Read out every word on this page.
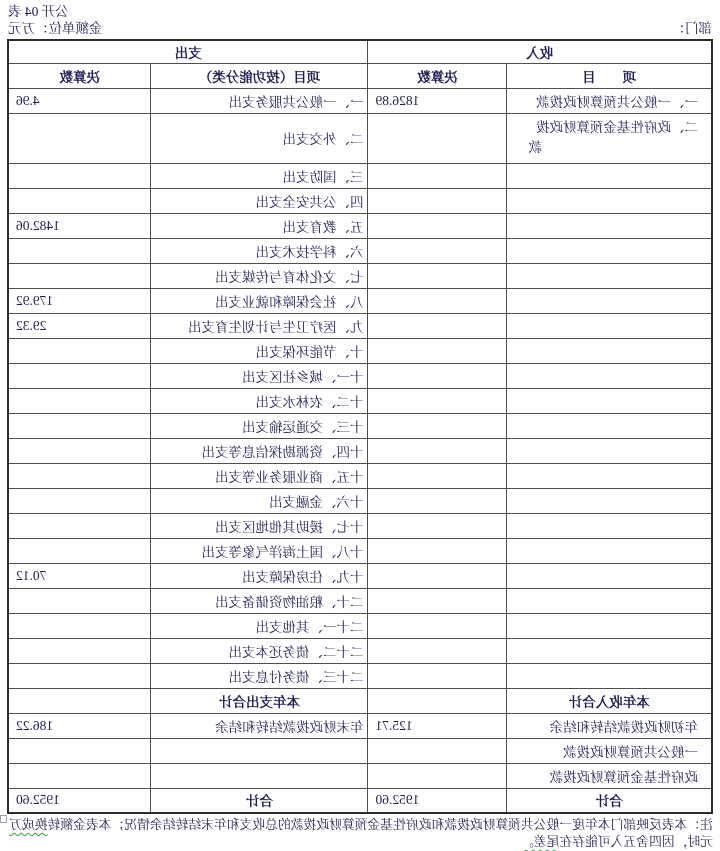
部门：
公开 04 表
金额单位：万元
收入		支出	
项　　目	决算数	项目（按功能分类）	决算数
一、一般公共预算财政拨款	1826.89	一、一般公共服务支出	4.96
二、政府性基金预算财政拨款		二、外交支出	
		三、国防支出	
		四、公共安全支出	
		五、教育支出	1482.06
		六、科学技术支出	
		七、文化体育与传媒支出	
		八、社会保障和就业支出	179.92
		九、医疗卫生与计划生育支出	29.32
		十、节能环保支出	
		十一、城乡社区支出	
		十二、农林水支出	
		十三、交通运输支出	
		十四、资源勘探信息等支出	
		十五、商业服务业等支出	
		十六、金融支出	
		十七、援助其他地区支出	
		十八、国土海洋气象等支出	
		十九、住房保障支出	70.12
		二十、粮油物资储备支出	
		二十一、其他支出	
		二十二、债务还本支出	
		二十三、债务付息支出	
本年收入合计		本年支出合计	
年初财政拨款结转和结余	125.71	年末财政拨款结转和结余	186.22
一般公共预算财政拨款			
政府性基金预算财政拨款			
合计	1952.60	合计	1952.60
注：本表反映部门本年度一般公共预算财政拨款和政府性基金预算财政拨款的总收支和年末结转结余情况；本表金额转换成万元时，因四舍五入可能存在尾差。
